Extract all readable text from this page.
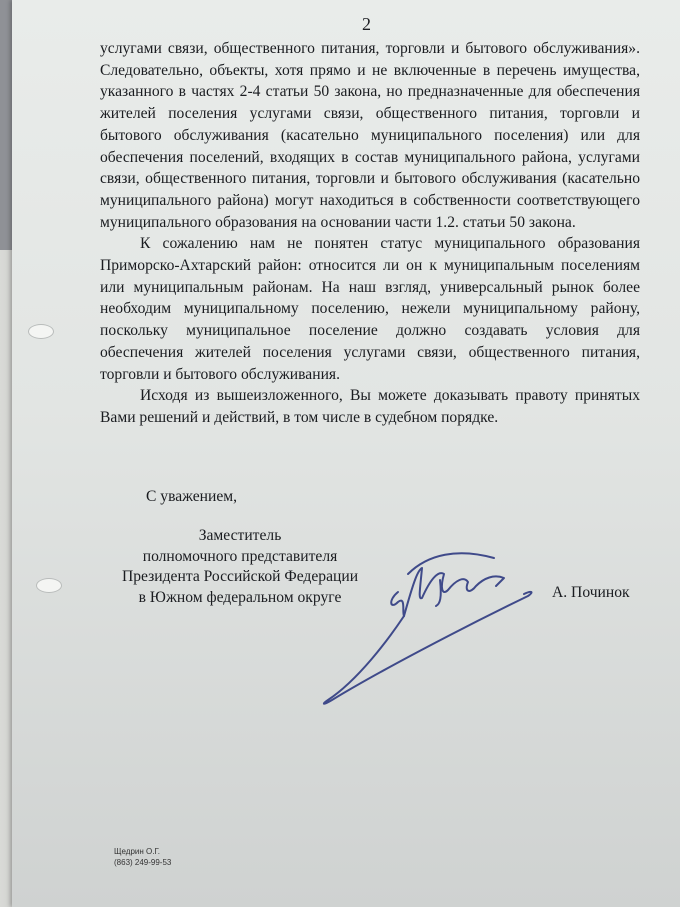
2

услугами связи, общественного питания, торговли и бытового обслуживания». Следовательно, объекты, хотя прямо и не включенные в перечень имущества, указанного в частях 2-4 статьи 50 закона, но предназначенные для обеспечения жителей поселения услугами связи, общественного питания, торговли и бытового обслуживания (касательно муниципального поселения) или для обеспечения поселений, входящих в состав муниципального района, услугами связи, общественного питания, торговли и бытового обслуживания (касательно муниципального района) могут находиться в собственности соответствующего муниципального образования на основании части 1.2. статьи 50 закона.

К сожалению нам не понятен статус муниципального образования Приморско-Ахтарский район: относится ли он к муниципальным поселениям или муниципальным районам. На наш взгляд, универсальный рынок более необходим муниципальному поселению, нежели муниципальному району, поскольку муниципальное поселение должно создавать условия для обеспечения жителей поселения услугами связи, общественного питания, торговли и бытового обслуживания.

Исходя из вышеизложенного, Вы можете доказывать правоту принятых Вами решений и действий, в том числе в судебном порядке.

С уважением,
Заместитель
полномочного представителя
Президента Российской Федерации
в Южном федеральном округе	А. Починок
Щедрин О.Г.
(863) 249-99-53
